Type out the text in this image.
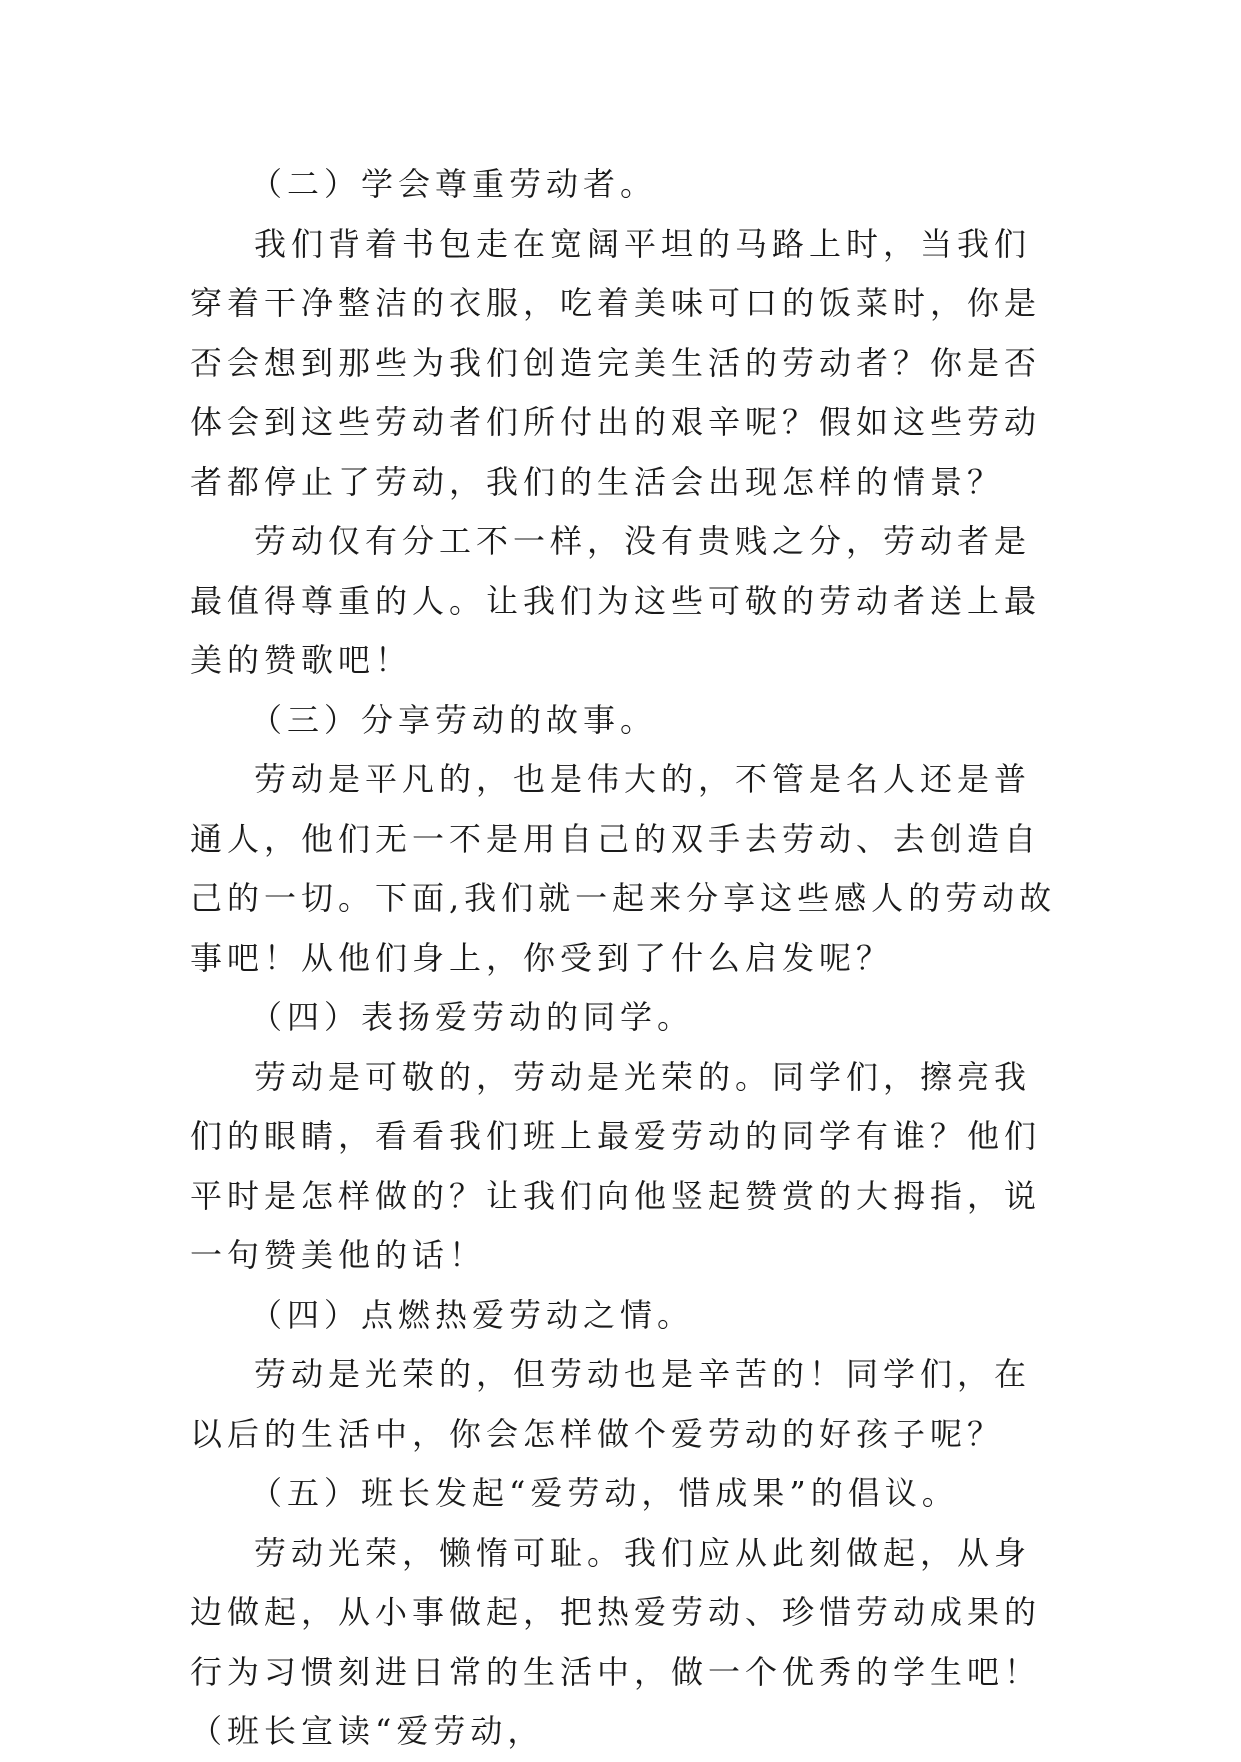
（二）学会尊重劳动者。

我们背着书包走在宽阔平坦的马路上时，当我们穿着干净整洁的衣服，吃着美味可口的饭菜时，你是否会想到那些为我们创造完美生活的劳动者？你是否体会到这些劳动者们所付出的艰辛呢？假如这些劳动者都停止了劳动，我们的生活会出现怎样的情景？

劳动仅有分工不一样，没有贵贱之分，劳动者是最值得尊重的人。让我们为这些可敬的劳动者送上最美的赞歌吧！

（三）分享劳动的故事。

劳动是平凡的，也是伟大的，不管是名人还是普通人，他们无一不是用自己的双手去劳动、去创造自己的一切。下面,我们就一起来分享这些感人的劳动故事吧！从他们身上，你受到了什么启发呢？

（四）表扬爱劳动的同学。

劳动是可敬的，劳动是光荣的。同学们，擦亮我们的眼睛，看看我们班上最爱劳动的同学有谁？他们平时是怎样做的？让我们向他竖起赞赏的大拇指，说一句赞美他的话！

（四）点燃热爱劳动之情。

劳动是光荣的，但劳动也是辛苦的！同学们，在以后的生活中，你会怎样做个爱劳动的好孩子呢？

（五）班长发起“爱劳动，惜成果”的倡议。

劳动光荣，懒惰可耻。我们应从此刻做起，从身边做起，从小事做起，把热爱劳动、珍惜劳动成果的行为习惯刻进日常的生活中，做一个优秀的学生吧！（班长宣读“爱劳动，
